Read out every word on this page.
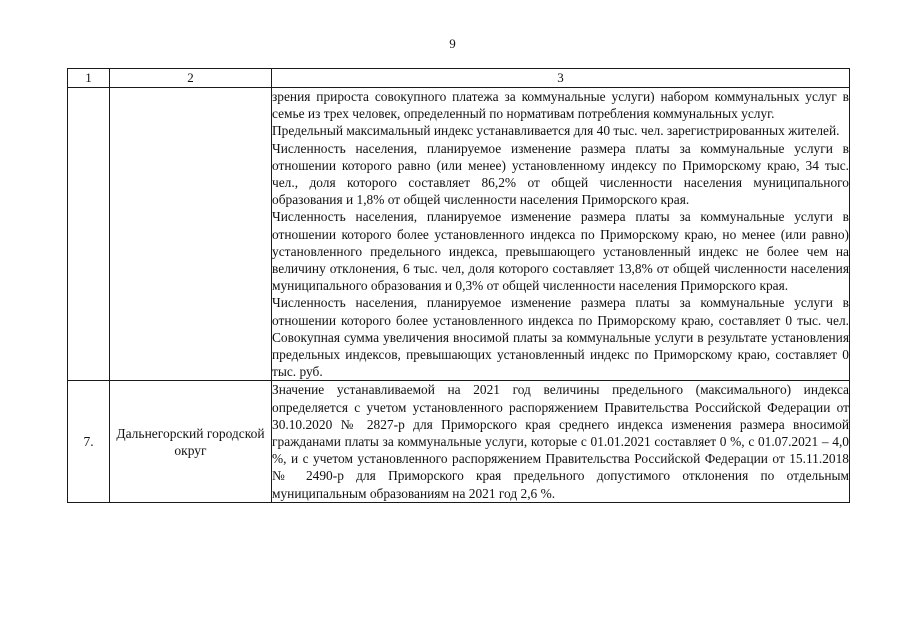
9
1	2	3

		зрения прироста совокупного платежа за коммунальные услуги) набором коммунальных услуг в семье из трех человек, определенный по нормативам потребления коммунальных услуг.

Предельный максимальный индекс устанавливается для 40 тыс. чел. зарегистрированных жителей.

Численность населения, планируемое изменение размера платы за коммунальные услуги в отношении которого равно (или менее) установленному индексу по Приморскому краю, 34 тыс. чел., доля которого составляет 86,2% от общей численности населения муниципального образования и 1,8% от общей численности населения Приморского края.

Численность населения, планируемое изменение размера платы за коммунальные услуги в отношении которого более установленного индекса по Приморскому краю, но менее (или равно) установленного предельного индекса, превышающего установленный индекс не более чем на величину отклонения, 6 тыс. чел, доля которого составляет 13,8% от общей численности населения муниципального образования и 0,3% от общей численности населения Приморского края.

Численность населения, планируемое изменение размера платы за коммунальные услуги в отношении которого более установленного индекса по Приморскому краю, составляет 0 тыс. чел. Совокупная сумма увеличения вносимой платы за коммунальные услуги в результате установления предельных индексов, превышающих установленный индекс по Приморскому краю, составляет 0 тыс. руб.

7.	Дальнегорский городской округ	Значение устанавливаемой на 2021 год величины предельного (максимального) индекса определяется с учетом установленного распоряжением Правительства Российской Федерации от 30.10.2020 № 2827-р для Приморского края среднего индекса изменения размера вносимой гражданами платы за коммунальные услуги, которые с 01.01.2021 составляет 0 %, с 01.07.2021 – 4,0 %, и с учетом установленного распоряжением Правительства Российской Федерации от 15.11.2018 № 2490-р для Приморского края предельного допустимого отклонения по отдельным муниципальным образованиям на 2021 год 2,6 %.
